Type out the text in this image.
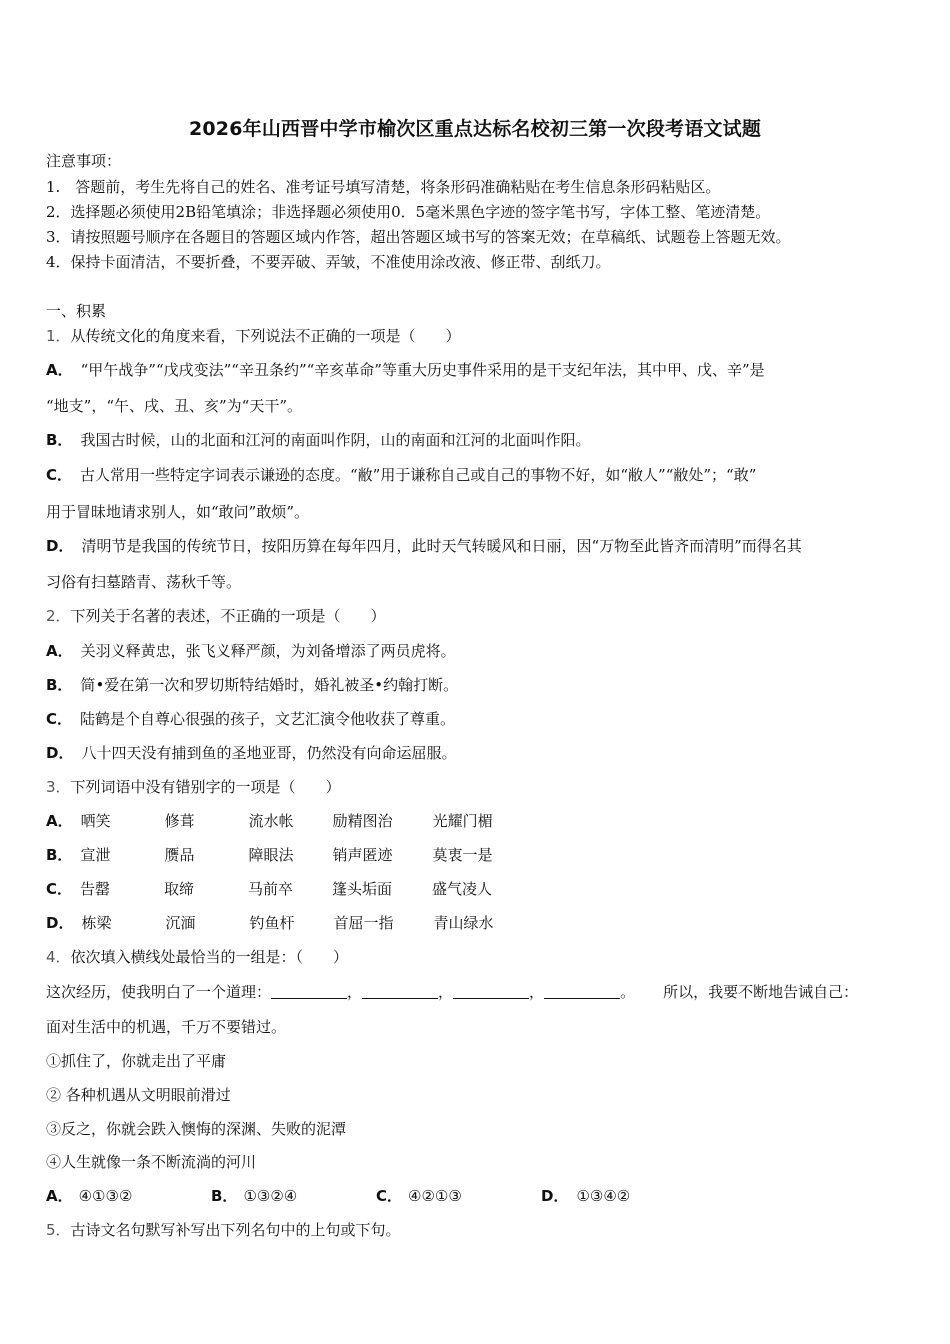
2026年山西晋中学市榆次区重点达标名校初三第一次段考语文试题
注意事项：
1.　答题前，考生先将自己的姓名、准考证号填写清楚，将条形码准确粘贴在考生信息条形码粘贴区。
2．选择题必须使用2B铅笔填涂；非选择题必须使用0．5毫米黑色字迹的签字笔书写，字体工整、笔迹清楚。
3．请按照题号顺序在各题目的答题区域内作答，超出答题区域书写的答案无效；在草稿纸、试题卷上答题无效。
4．保持卡面清洁，不要折叠，不要弄破、弄皱，不准使用涂改液、修正带、刮纸刀。
一、积累
1．从传统文化的角度来看，下列说法不正确的一项是（　　）
A． “甲午战争”“戊戌变法”“辛丑条约”“辛亥革命”等重大历史事件采用的是干支纪年法，其中甲、戊、辛”是
“地支”，“午、戌、丑、亥”为“天干”。
B． 我国古时候，山的北面和江河的南面叫作阴，山的南面和江河的北面叫作阳。
C． 古人常用一些特定字词表示谦逊的态度。“敝”用于谦称自己或自己的事物不好，如“敝人”“敝处”；“敢”
用于冒昧地请求别人，如“敢问”敢烦”。
D． 清明节是我国的传统节日，按阳历算在每年四月，此时天气转暖风和日丽，因“万物至此皆齐而清明”而得名其
习俗有扫墓踏青、荡秋千等。
2．下列关于名著的表述，不正确的一项是（　　）
A． 关羽义释黄忠，张飞义释严颜，为刘备增添了两员虎将。
B． 简•爱在第一次和罗切斯特结婚时，婚礼被圣•约翰打断。
C． 陆鹤是个自尊心很强的孩子，文艺汇演令他收获了尊重。
D． 八十四天没有捕到鱼的圣地亚哥，仍然没有向命运屈服。
3．下列词语中没有错别字的一项是（　　）
A． 哂笑	修葺	流水帐	励精图治	光耀门楣
B． 宣泄	赝品	障眼法	销声匿迹	莫衷一是
C． 告罄	取缔	马前卒	篷头垢面	盛气凌人
D． 栋梁	沉湎	钓鱼杆	首屈一指	青山绿水
4．依次填入横线处最恰当的一组是：（　　）
这次经历，使我明白了一个道理：	，	，	，	。 所以，我要不断地告诫自己：
面对生活中的机遇，千万不要错过。
①抓住了，你就走出了平庸
② 各种机遇从文明眼前滑过
③反之，你就会跌入懊悔的深渊、失败的泥潭
④人生就像一条不断流淌的河川
A． ④①③②	B． ①③②④	C． ④②①③	D． ①③④②
5．古诗文名句默写补写出下列名句中的上句或下句。
